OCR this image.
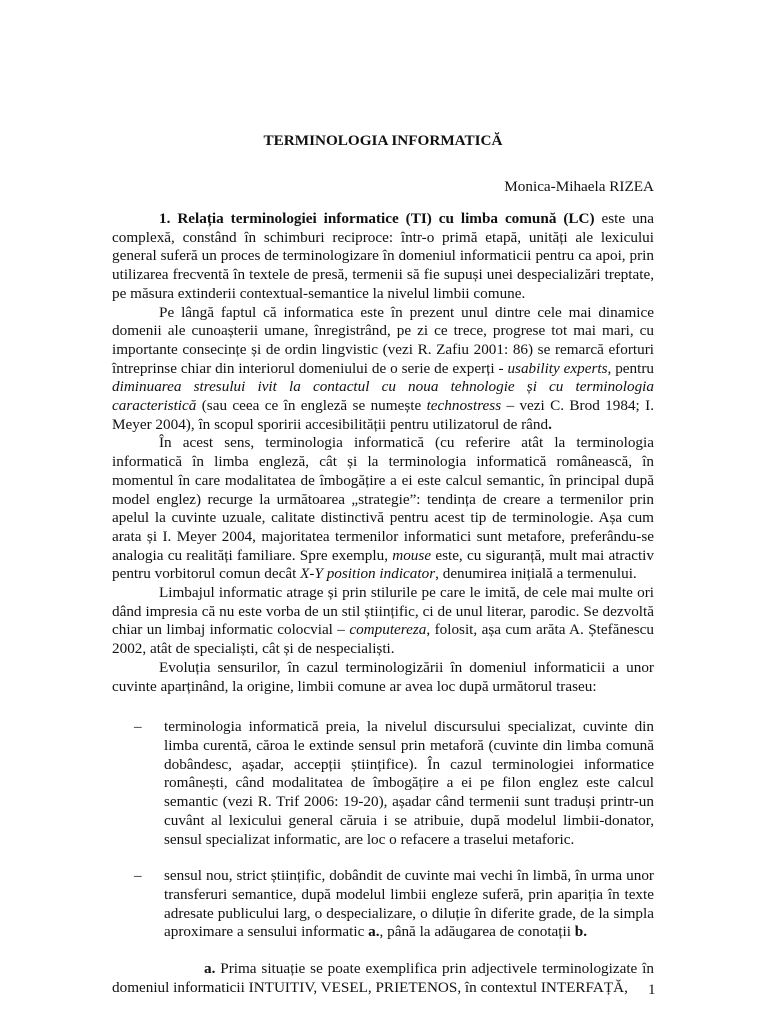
TERMINOLOGIA INFORMATICĂ
Monica-Mihaela RIZEA

1. Relația terminologiei informatice (TI) cu limba comună (LC) este una complexă, constând în schimburi reciproce: într-o primă etapă, unități ale lexicului general suferă un proces de terminologizare în domeniul informaticii pentru ca apoi, prin utilizarea frecventă în textele de presă, termenii să fie supuși unei despecializări treptate, pe măsura extinderii contextual-semantice la nivelul limbii comune.

Pe lângă faptul că informatica este în prezent unul dintre cele mai dinamice domenii ale cunoașterii umane, înregistrând, pe zi ce trece, progrese tot mai mari, cu importante consecințe și de ordin lingvistic (vezi R. Zafiu 2001: 86) se remarcă eforturi întreprinse chiar din interiorul domeniului de o serie de experți - usability experts, pentru diminuarea stresului ivit la contactul cu noua tehnologie și cu terminologia caracteristică (sau ceea ce în engleză se numește technostress – vezi C. Brod 1984; I. Meyer 2004), în scopul sporirii accesibilității pentru utilizatorul de rând.

În acest sens, terminologia informatică (cu referire atât la terminologia informatică în limba engleză, cât și la terminologia informatică românească, în momentul în care modalitatea de îmbogățire a ei este calcul semantic, în principal după model englez) recurge la următoarea „strategie”: tendința de creare a termenilor prin apelul la cuvinte uzuale, calitate distinctivă pentru acest tip de terminologie. Așa cum arata și I. Meyer 2004, majoritatea termenilor informatici sunt metafore, preferându-se analogia cu realități familiare. Spre exemplu, mouse este, cu siguranță, mult mai atractiv pentru vorbitorul comun decât X-Y position indicator, denumirea inițială a termenului.

Limbajul informatic atrage și prin stilurile pe care le imită, de cele mai multe ori dând impresia că nu este vorba de un stil științific, ci de unul literar, parodic. Se dezvoltă chiar un limbaj informatic colocvial – computereza, folosit, așa cum arăta A. Ștefănescu 2002, atât de specialiști, cât și de nespecialiști.

Evoluția sensurilor, în cazul terminologizării în domeniul informaticii a unor cuvinte aparținând, la origine, limbii comune ar avea loc după următorul traseu:

– terminologia informatică preia, la nivelul discursului specializat, cuvinte din limba curentă, căroa le extinde sensul prin metaforă (cuvinte din limba comună dobândesc, așadar, accepții științifice). În cazul terminologiei informatice românești, când modalitatea de îmbogățire a ei pe filon englez este calcul semantic (vezi R. Trif 2006: 19-20), așadar când termenii sunt traduși printr-un cuvânt al lexicului general căruia i se atribuie, după modelul limbii-donator, sensul specializat informatic, are loc o refacere a traselui metaforic.
– sensul nou, strict științific, dobândit de cuvinte mai vechi în limbă, în urma unor transferuri semantice, după modelul limbii engleze suferă, prin apariția în texte adresate publicului larg, o despecializare, o diluție în diferite grade, de la simpla aproximare a sensului informatic a., până la adăugarea de conotații b.

a. Prima situație se poate exemplifica prin adjectivele terminologizate în domeniul informaticii INTUITIV, VESEL, PRIETENOS, în contextul INTERFAȚĂ,	1
